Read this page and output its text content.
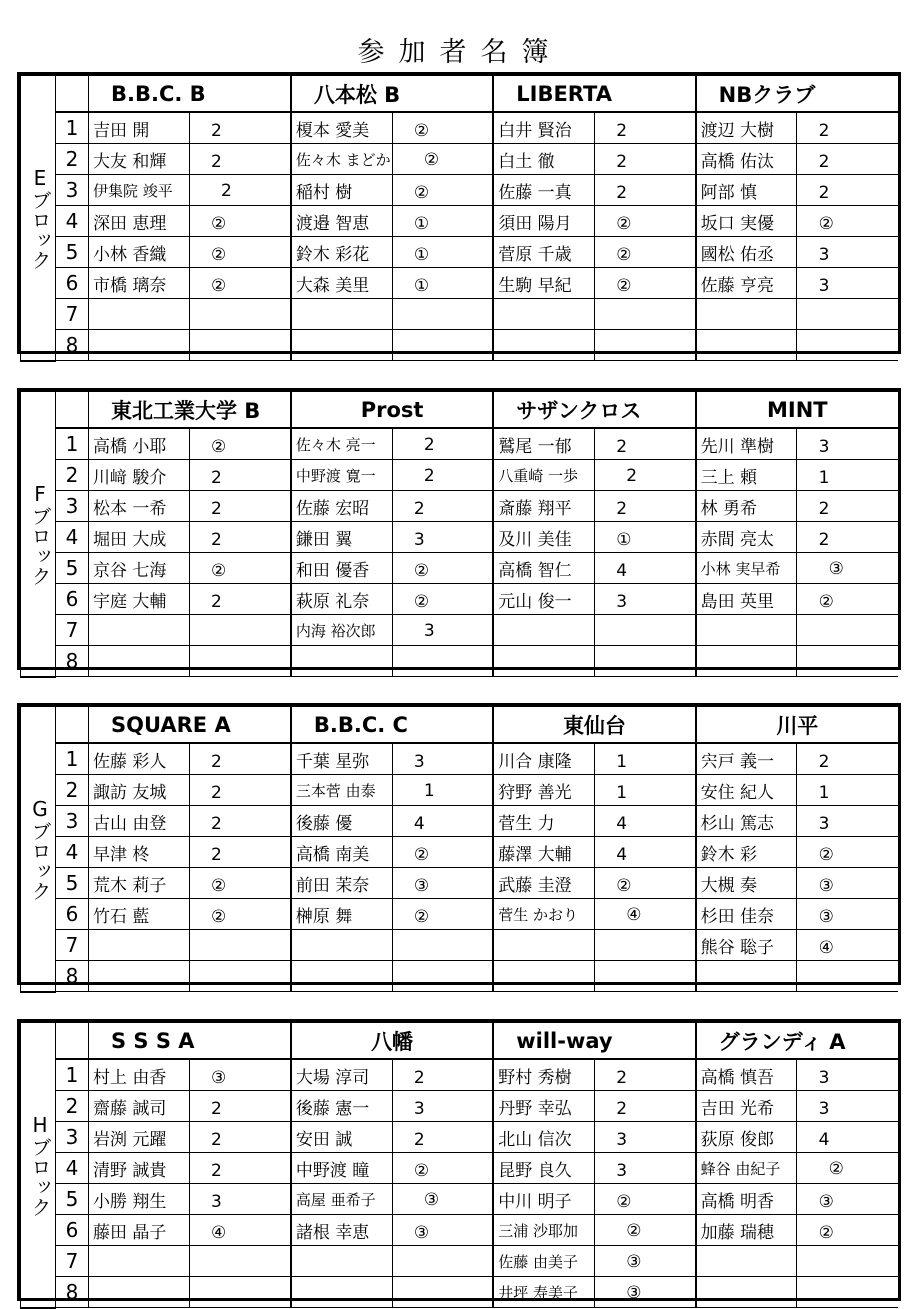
参加者名簿
Eブロック		B.B.C. B		八本松 B		LIBERTA		NBクラブ	
	1	吉田 開 2		榎本 愛美 ②		白井 賢治 2		渡辺 大樹 2	
	2	大友 和輝 2		佐々木 まどか ②		白土 徹 2		高橋 佑汰 2	
	3	伊集院 竣平 2		稲村 樹 ②		佐藤 一真 2		阿部 慎 2	
	4	深田 恵理 ②		渡邉 智恵 ①		須田 陽月 ②		坂口 実優 ②	
	5	小林 香織 ②		鈴木 彩花 ①		菅原 千歳 ②		國松 佑丞 3	
	6	市橋 璃奈 ②		大森 美里 ①		生駒 早紀 ②		佐藤 亨亮 3	
	7								
	8								
Fブロック		東北工業大学 B		Prost		サザンクロス		MINT	
	1	高橋 小耶 ②		佐々木 亮一 2		鷲尾 一郁 2		先川 準樹 3	
	2	川﨑 駿介 2		中野渡 寛一 2		八重崎 一歩 2		三上 頼 1	
	3	松本 一希 2		佐藤 宏昭 2		斎藤 翔平 2		林 勇希 2	
	4	堀田 大成 2		鎌田 翼 3		及川 美佳 ①		赤間 亮太 2	
	5	京谷 七海 ②		和田 優香 ②		高橋 智仁 4		小林 実早希 ③	
	6	宇庭 大輔 2		萩原 礼奈 ②		元山 俊一 3		島田 英里 ②	
	7			内海 裕次郎 3					
	8								
Gブロック		SQUARE A		B.B.C. C		東仙台		川平	
	1	佐藤 彩人 2		千葉 星弥 3		川合 康隆 1		宍戸 義一 2	
	2	諏訪 友城 2		三本菅 由泰 1		狩野 善光 1		安住 紀人 1	
	3	古山 由登 2		後藤 優 4		菅生 力 4		杉山 篤志 3	
	4	早津 柊 2		高橋 南美 ②		藤澤 大輔 4		鈴木 彩 ②	
	5	荒木 莉子 ②		前田 茉奈 ③		武藤 圭澄 ②		大槻 奏 ③	
	6	竹石 藍 ②		榊原 舞 ②		菅生 かおり ④		杉田 佳奈 ③	
	7							熊谷 聡子 ④	
	8								
Hブロック		S S S A		八幡		will-way		グランディ A	
	1	村上 由香 ③		大場 淳司 2		野村 秀樹 2		高橋 慎吾 3	
	2	齋藤 誠司 2		後藤 憲一 3		丹野 幸弘 2		吉田 光希 3	
	3	岩渕 元躍 2		安田 誠 2		北山 信次 3		荻原 俊郎 4	
	4	清野 誠貴 2		中野渡 瞳 ②		昆野 良久 3		蜂谷 由紀子 ②	
	5	小勝 翔生 3		高屋 亜希子 ③		中川 明子 ②		高橋 明香 ③	
	6	藤田 晶子 ④		諸根 幸恵 ③		三浦 沙耶加 ②		加藤 瑞穂 ②	
	7					佐藤 由美子 ③			
	8					井坪 寿美子 ③			
